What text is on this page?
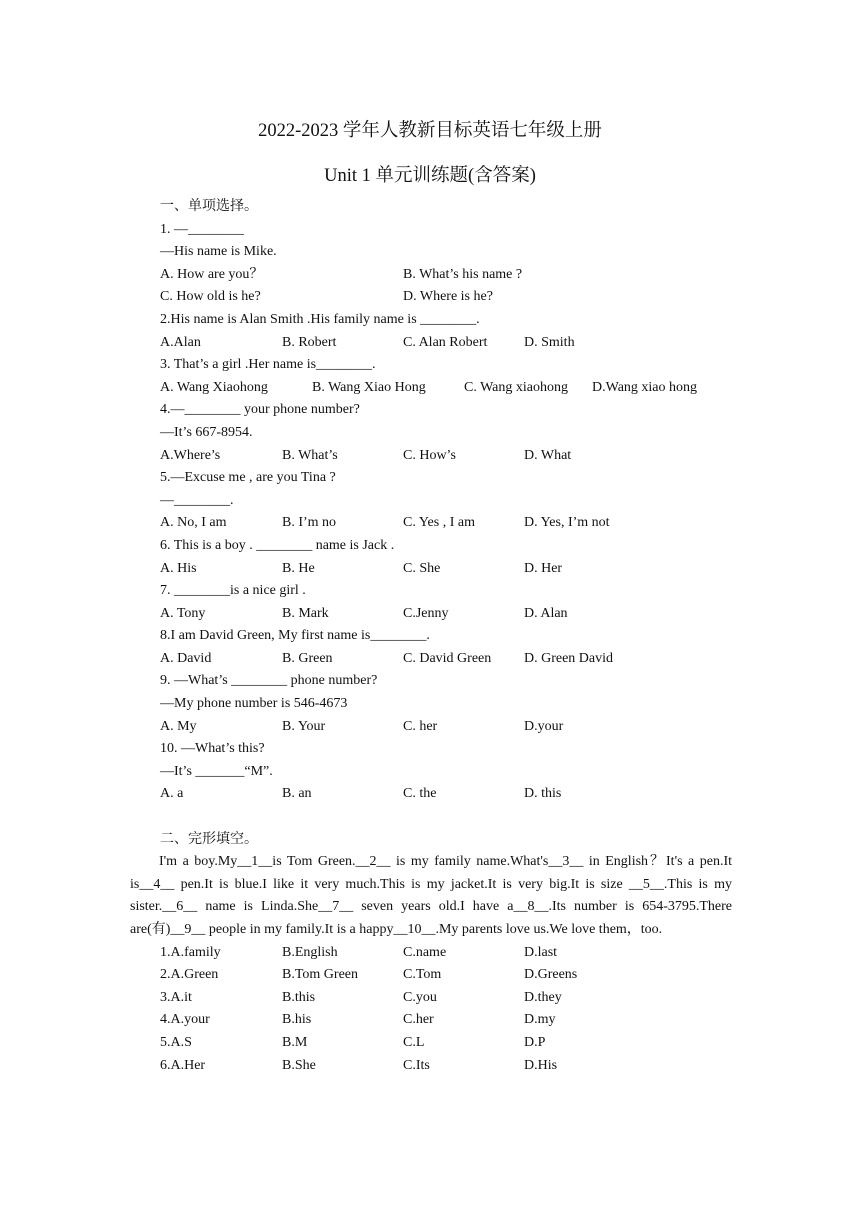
2022-2023 学年人教新目标英语七年级上册
Unit 1 单元训练题(含答案)
一、单项选择。
1. —________
—His name is Mike.
A. How are you？	B. What’s his name ?
C. How old is he?	D. Where is he?
2.His name is Alan Smith .His family name is ________.
A.Alan	B. Robert	C. Alan Robert	D. Smith
3. That’s a girl .Her name is________.
A. Wang Xiaohong	B. Wang Xiao Hong	C. Wang xiaohong D.Wang xiao hong
4.—________ your phone number?
—It’s 667-8954.
A.Where’s	B. What’s	C. How’s	D. What
5.—Excuse me , are you Tina ?
—________.
A. No, I am	B. I’m no	C. Yes , I am	D. Yes, I’m not
6. This is a boy . ________ name is Jack .
A. His	B. He	C. She	D. Her
7. ________is a nice girl .
A. Tony	B. Mark	C.Jenny	D. Alan
8.I am David Green, My first name is________.
A. David	B. Green	C. David Green D. Green David
9. —What’s ________ phone number?
—My phone number is 546-4673
A. My	B. Your	C. her	D.your
10. —What’s this?
—It’s _______“M”.
A. a	B. an	C. the	D. this
二、完形填空。
I'm a boy.My__1__is Tom Green.__2__ is my family name.What's__3__ in English？It's a pen.It is__4__ pen.It is blue.I like it very much.This is my jacket.It is very big.It is size __5__.This is my sister.__6__ name is Linda.She__7__ seven years old.I have a__8__.Its number is 654-3795.There are(有)__9__ people in my family.It is a happy__10__.My parents love us.We love them，too.
1.A.family	B.English	C.name	D.last
2.A.Green	B.Tom Green	C.Tom	D.Greens
3.A.it	B.this	C.you	D.they
4.A.your	B.his	C.her	D.my
5.A.S	B.M	C.L	D.P
6.A.Her	B.She	C.Its	D.His
